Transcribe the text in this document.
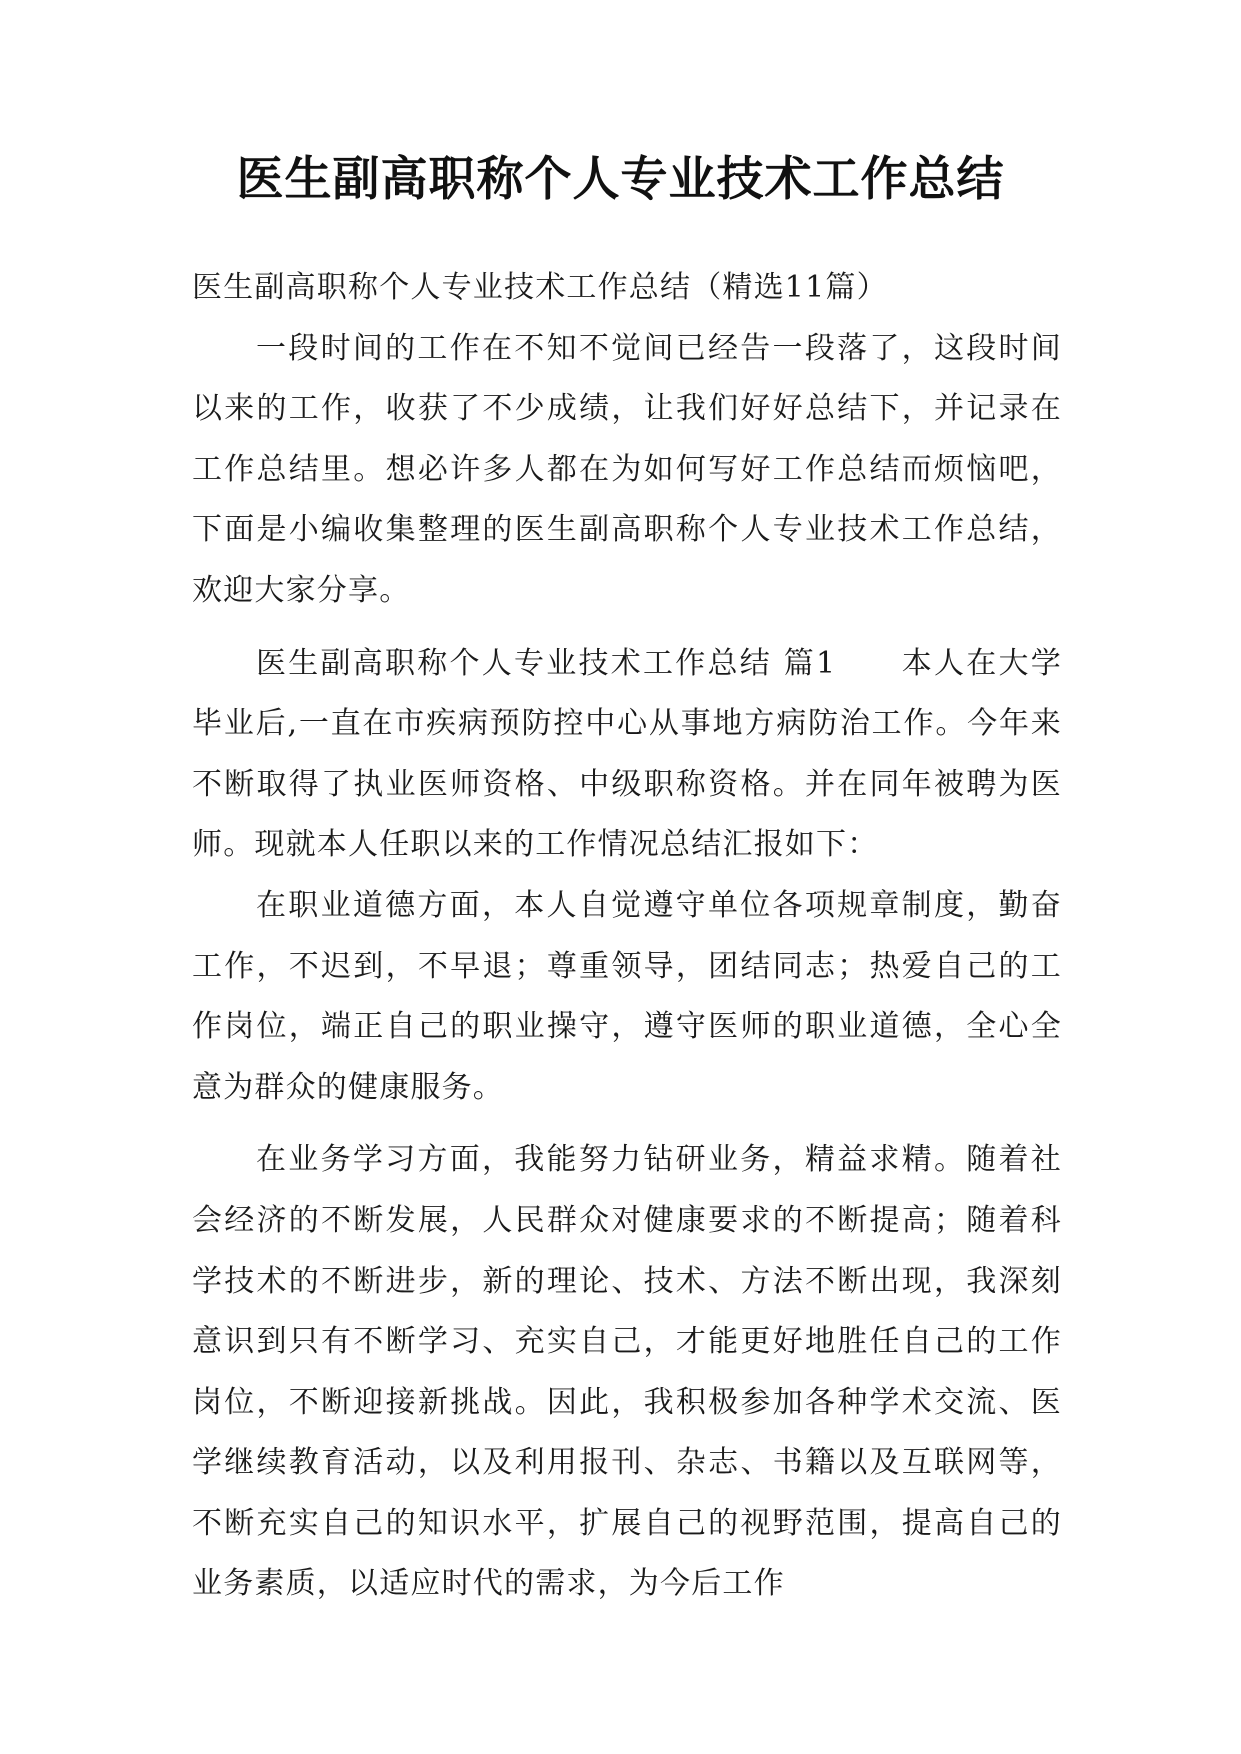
医生副高职称个人专业技术工作总结

医生副高职称个人专业技术工作总结（精选11篇）

一段时间的工作在不知不觉间已经告一段落了，这段时间以来的工作，收获了不少成绩，让我们好好总结下，并记录在工作总结里。想必许多人都在为如何写好工作总结而烦恼吧，下面是小编收集整理的医生副高职称个人专业技术工作总结，欢迎大家分享。

医生副高职称个人专业技术工作总结 篇1　　本人在大学毕业后,一直在市疾病预防控中心从事地方病防治工作。今年来不断取得了执业医师资格、中级职称资格。并在同年被聘为医师。现就本人任职以来的工作情况总结汇报如下：

在职业道德方面，本人自觉遵守单位各项规章制度，勤奋工作，不迟到，不早退；尊重领导，团结同志；热爱自己的工作岗位，端正自己的职业操守，遵守医师的职业道德，全心全意为群众的健康服务。

在业务学习方面，我能努力钻研业务，精益求精。随着社会经济的不断发展，人民群众对健康要求的不断提高；随着科学技术的不断进步，新的理论、技术、方法不断出现，我深刻意识到只有不断学习、充实自己，才能更好地胜任自己的工作岗位，不断迎接新挑战。因此，我积极参加各种学术交流、医学继续教育活动，以及利用报刊、杂志、书籍以及互联网等，不断充实自己的知识水平，扩展自己的视野范围，提高自己的业务素质，以适应时代的需求，为今后工作
